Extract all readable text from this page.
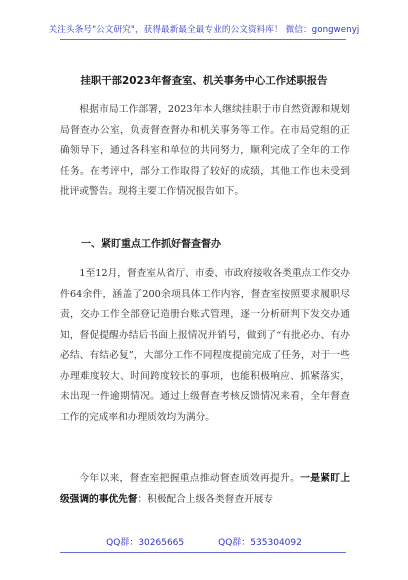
关注头条号"公文研究"，获得最新最全最专业的公文资料库！ 微信：gongwenyj
挂职干部2023年督查室、机关事务中心工作述职报告

根据市局工作部署，2023年本人继续挂职于市自然资源和规划局督查办公室，负责督查督办和机关事务等工作。在市局党组的正确领导下，通过各科室和单位的共同努力，顺利完成了全年的工作任务。在考评中，部分工作取得了较好的成绩，其他工作也未受到批评或警告。现将主要工作情况报告如下。

一、紧盯重点工作抓好督查督办

1至12月，督查室从省厅、市委、市政府接收各类重点工作交办件64余件，涵盖了200余项具体工作内容，督查室按照要求履职尽责，交办工作全部登记造册台账式管理，逐一分析研判下发交办通知，督促提醒办结后书面上报情况并销号，做到了“有批必办、有办必结、有结必复”，大部分工作不同程度提前完成了任务，对于一些办理难度较大、时间跨度较长的事项，也能积极响应、抓紧落实，未出现一件逾期情况。通过上级督查考核反馈情况来看，全年督查工作的完成率和办理质效均为满分。

今年以来，督查室把握重点推动督查质效再提升。一是紧盯上级强调的事优先督：积极配合上级各类督查开展专

QQ群：30265665	QQ群：535304092
